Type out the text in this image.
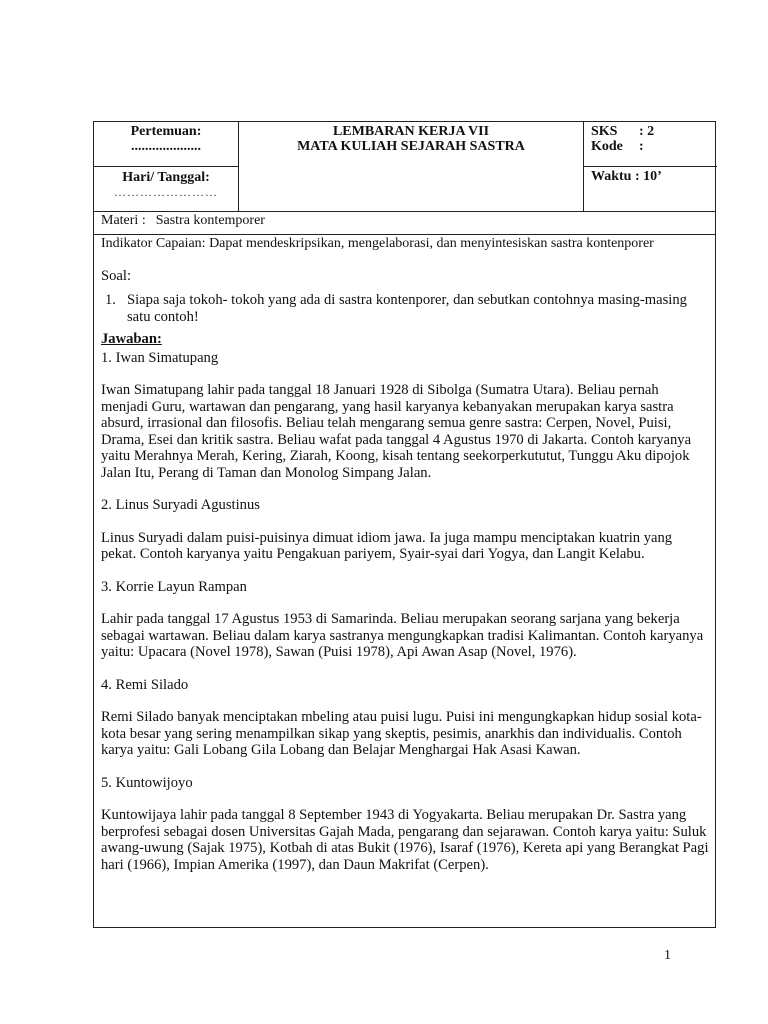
Pertemuan:
....................
Hari/ Tanggal:
……………………
LEMBARAN KERJA VII
MATA KULIAH SEJARAH SASTRA
SKS	: 2
Kode	:
Waktu : 10’
Materi : Sastra kontemporer

Indikator Capaian: Dapat mendeskripsikan, mengelaborasi, dan menyintesiskan sastra kontenporer

Soal:

1. Siapa saja tokoh- tokoh yang ada di sastra kontenporer, dan sebutkan contohnya masing-masing satu contoh!

Jawaban:

1. Iwan Simatupang

Iwan Simatupang lahir pada tanggal 18 Januari 1928 di Sibolga (Sumatra Utara). Beliau pernah menjadi Guru, wartawan dan pengarang, yang hasil karyanya kebanyakan merupakan karya sastra absurd, irrasional dan filosofis. Beliau telah mengarang semua genre sastra: Cerpen, Novel, Puisi, Drama, Esei dan kritik sastra. Beliau wafat pada tanggal 4 Agustus 1970 di Jakarta. Contoh karyanya yaitu Merahnya Merah, Kering, Ziarah, Koong, kisah tentang seekorperkututut, Tunggu Aku dipojok Jalan Itu, Perang di Taman dan Monolog Simpang Jalan.

2. Linus Suryadi Agustinus

Linus Suryadi dalam puisi-puisinya dimuat idiom jawa. Ia juga mampu menciptakan kuatrin yang pekat. Contoh karyanya yaitu Pengakuan pariyem, Syair-syai dari Yogya, dan Langit Kelabu.

3. Korrie Layun Rampan

Lahir pada tanggal 17 Agustus 1953 di Samarinda. Beliau merupakan seorang sarjana yang bekerja sebagai wartawan. Beliau dalam karya sastranya mengungkapkan tradisi Kalimantan. Contoh karyanya yaitu: Upacara (Novel 1978), Sawan (Puisi 1978), Api Awan Asap (Novel, 1976).

4. Remi Silado

Remi Silado banyak menciptakan mbeling atau puisi lugu. Puisi ini mengungkapkan hidup sosial kota-kota besar yang sering menampilkan sikap yang skeptis, pesimis, anarkhis dan individualis. Contoh karya yaitu: Gali Lobang Gila Lobang dan Belajar Menghargai Hak Asasi Kawan.

5. Kuntowijoyo

Kuntowijaya lahir pada tanggal 8 September 1943 di Yogyakarta. Beliau merupakan Dr. Sastra yang berprofesi sebagai dosen Universitas Gajah Mada, pengarang dan sejarawan. Contoh karya yaitu: Suluk awang-uwung (Sajak 1975), Kotbah di atas Bukit (1976), Isaraf (1976), Kereta api yang Berangkat Pagi hari (1966), Impian Amerika (1997), dan Daun Makrifat (Cerpen).

1
